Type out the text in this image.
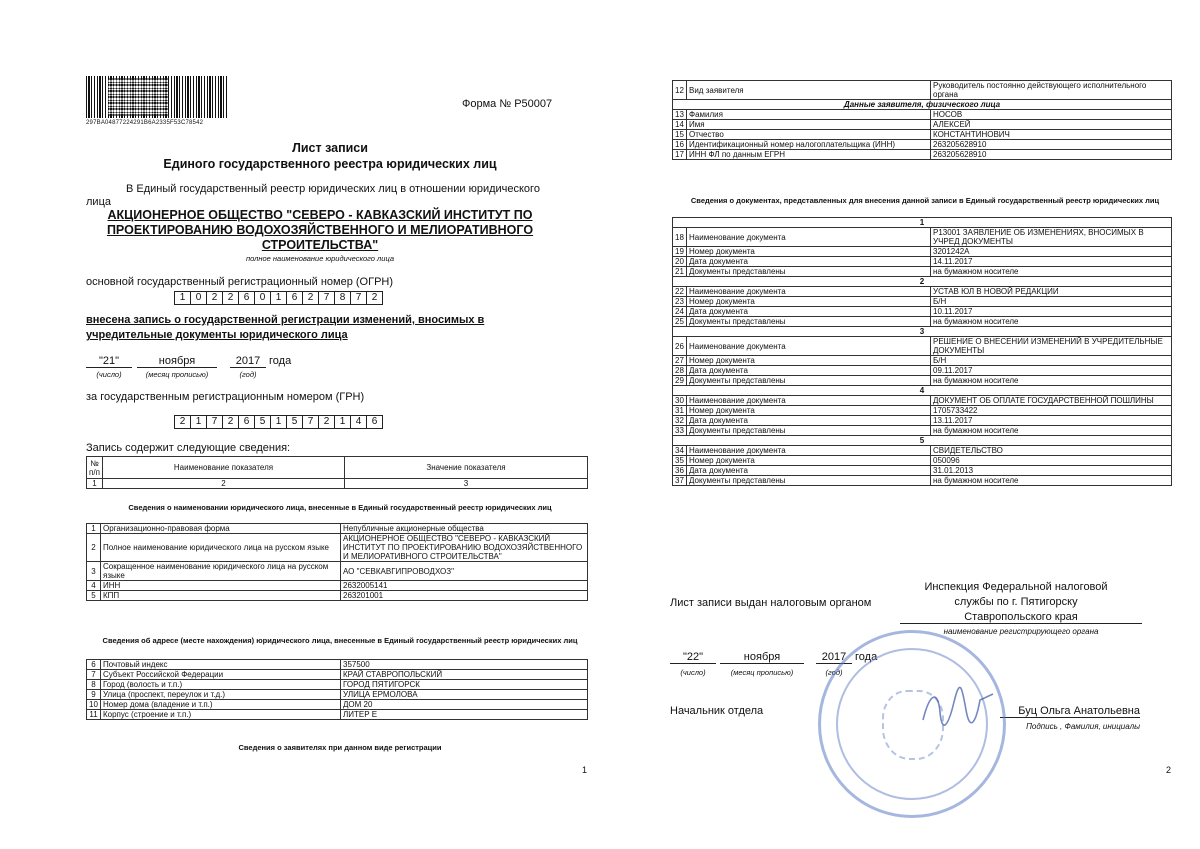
297BA04877224291B6A2335F53C78542
Форма № Р50007
Лист записи
Единого государственного реестра юридических лиц
В Единый государственный реестр юридических лиц в отношении юридического
лица
АКЦИОНЕРНОЕ ОБЩЕСТВО "СЕВЕРО - КАВКАЗСКИЙ ИНСТИТУТ ПО ПРОЕКТИРОВАНИЮ ВОДОХОЗЯЙСТВЕННОГО И МЕЛИОРАТИВНОГО СТРОИТЕЛЬСТВА"
полное наименование юридического лица
основной государственный регистрационный номер (ОГРН)
1	0	2	2	6	0	1	6	2	7	8	7	2
внесена запись о государственной регистрации изменений, вносимых в
учредительные документы юридического лица
"21"	ноября	2017 года
(число)	(месяц прописью)	(год)
за государственным регистрационным номером (ГРН)
2	1	7	2	6	5	1	5	7	2	1	4	6
Запись содержит следующие сведения:
№ п/п	Наименование показателя	Значение показателя
1	2	3
Сведения о наименовании юридического лица, внесенные в Единый государственный реестр юридических лиц
1	Организационно-правовая форма	Непубличные акционерные общества
2	Полное наименование юридического лица на русском языке	АКЦИОНЕРНОЕ ОБЩЕСТВО "СЕВЕРО - КАВКАЗСКИЙ ИНСТИТУТ ПО ПРОЕКТИРОВАНИЮ ВОДОХОЗЯЙСТВЕННОГО И МЕЛИОРАТИВНОГО СТРОИТЕЛЬСТВА"
3	Сокращенное наименование юридического лица на русском языке	АО "СЕВКАВГИПРОВОДХОЗ"
4	ИНН	2632005141
5	КПП	263201001
Сведения об адресе (месте нахождения) юридического лица, внесенные в Единый государственный реестр юридических лиц
6	Почтовый индекс	357500
7	Субъект Российской Федерации	КРАЙ СТАВРОПОЛЬСКИЙ
8	Город (волость и т.п.)	ГОРОД ПЯТИГОРСК
9	Улица (проспект, переулок и т.д.)	УЛИЦА ЕРМОЛОВА
10	Номер дома (владение и т.п.)	ДОМ 20
11	Корпус (строение и т.п.)	ЛИТЕР Е
Сведения о заявителях при данном виде регистрации
1
12	Вид заявителя	Руководитель постоянно действующего исполнительного органа
Данные заявителя, физического лица		
13	Фамилия	НОСОВ
14	Имя	АЛЕКСЕЙ
15	Отчество	КОНСТАНТИНОВИЧ
16	Идентификационный номер налогоплательщика (ИНН)	263205628910
17	ИНН ФЛ по данным ЕГРН	263205628910
Сведения о документах, представленных для внесения данной записи в Единый государственный реестр юридических лиц
1		
18	Наименование документа	Р13001 ЗАЯВЛЕНИЕ ОБ ИЗМЕНЕНИЯХ, ВНОСИМЫХ В УЧРЕД ДОКУМЕНТЫ
19	Номер документа	3201242А
20	Дата документа	14.11.2017
21	Документы представлены	на бумажном носителе
2		
22	Наименование документа	УСТАВ ЮЛ В НОВОЙ РЕДАКЦИИ
23	Номер документа	Б/Н
24	Дата документа	10.11.2017
25	Документы представлены	на бумажном носителе
3		
26	Наименование документа	РЕШЕНИЕ О ВНЕСЕНИИ ИЗМЕНЕНИЙ В УЧРЕДИТЕЛЬНЫЕ ДОКУМЕНТЫ
27	Номер документа	Б/Н
28	Дата документа	09.11.2017
29	Документы представлены	на бумажном носителе
4		
30	Наименование документа	ДОКУМЕНТ ОБ ОПЛАТЕ ГОСУДАРСТВЕННОЙ ПОШЛИНЫ
31	Номер документа	1705733422
32	Дата документа	13.11.2017
33	Документы представлены	на бумажном носителе
5		
34	Наименование документа	СВИДЕТЕЛЬСТВО
35	Номер документа	050096
36	Дата документа	31.01.2013
37	Документы представлены	на бумажном носителе
Лист записи выдан налоговым органом
Инспекция Федеральной налоговой
службы по г. Пятигорску
Ставропольского края
наименование регистрирующего органа
"22"	ноября	2017 года
(число)	(месяц прописью)	(год)
Начальник отдела	Буц Ольга Анатольевна
Подпись , Фамилия, инициалы
2
